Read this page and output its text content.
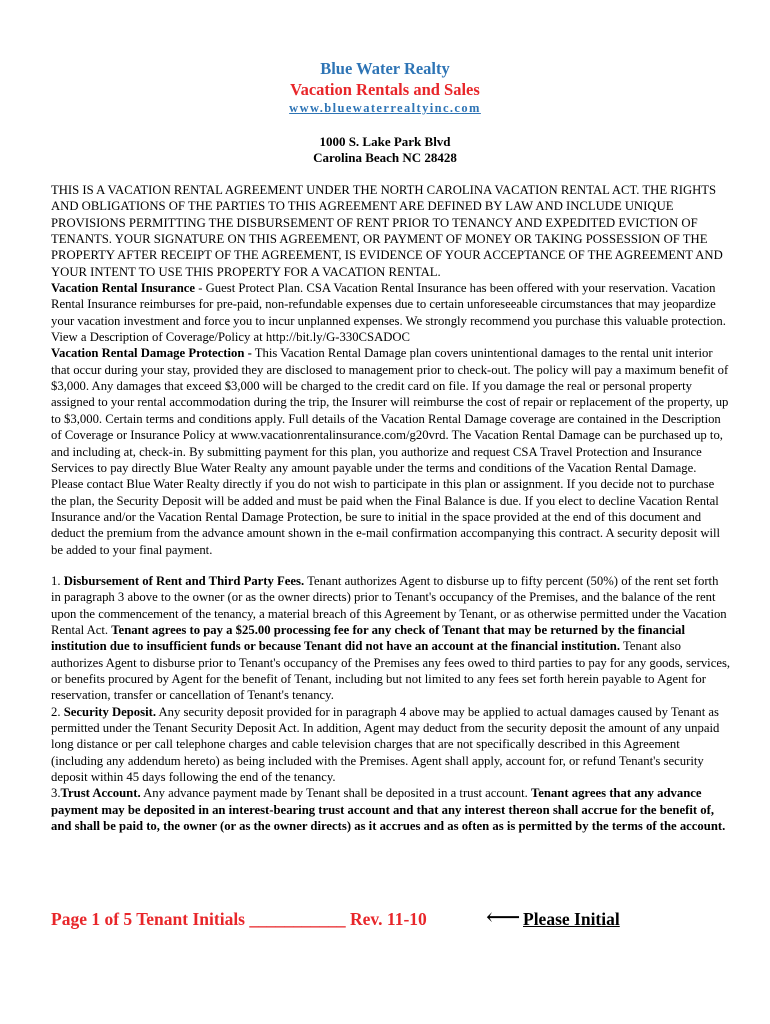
Blue Water Realty
Vacation Rentals and Sales
www.bluewaterrealtyinc.com
1000 S. Lake Park Blvd
Carolina Beach NC 28428

THIS IS A VACATION RENTAL AGREEMENT UNDER THE NORTH CAROLINA VACATION RENTAL ACT. THE RIGHTS AND OBLIGATIONS OF THE PARTIES TO THIS AGREEMENT ARE DEFINED BY LAW AND INCLUDE UNIQUE PROVISIONS PERMITTING THE DISBURSEMENT OF RENT PRIOR TO TENANCY AND EXPEDITED EVICTION OF TENANTS. YOUR SIGNATURE ON THIS AGREEMENT, OR PAYMENT OF MONEY OR TAKING POSSESSION OF THE PROPERTY AFTER RECEIPT OF THE AGREEMENT, IS EVIDENCE OF YOUR ACCEPTANCE OF THE AGREEMENT AND YOUR INTENT TO USE THIS PROPERTY FOR A VACATION RENTAL.

Vacation Rental Insurance - Guest Protect Plan. CSA Vacation Rental Insurance has been offered with your reservation. Vacation Rental Insurance reimburses for pre-paid, non-refundable expenses due to certain unforeseeable circumstances that may jeopardize your vacation investment and force you to incur unplanned expenses. We strongly recommend you purchase this valuable protection. View a Description of Coverage/Policy at http://bit.ly/G-330CSADOC

Vacation Rental Damage Protection - This Vacation Rental Damage plan covers unintentional damages to the rental unit interior that occur during your stay, provided they are disclosed to management prior to check-out. The policy will pay a maximum benefit of $3,000. Any damages that exceed $3,000 will be charged to the credit card on file. If you damage the real or personal property assigned to your rental accommodation during the trip, the Insurer will reimburse the cost of repair or replacement of the property, up to $3,000. Certain terms and conditions apply. Full details of the Vacation Rental Damage coverage are contained in the Description of Coverage or Insurance Policy at www.vacationrentalinsurance.com/g20vrd. The Vacation Rental Damage can be purchased up to, and including at, check-in. By submitting payment for this plan, you authorize and request CSA Travel Protection and Insurance Services to pay directly Blue Water Realty any amount payable under the terms and conditions of the Vacation Rental Damage. Please contact Blue Water Realty directly if you do not wish to participate in this plan or assignment. If you decide not to purchase the plan, the Security Deposit will be added and must be paid when the Final Balance is due. If you elect to decline Vacation Rental Insurance and/or the Vacation Rental Damage Protection, be sure to initial in the space provided at the end of this document and deduct the premium from the advance amount shown in the e-mail confirmation accompanying this contract. A security deposit will be added to your final payment.

1. Disbursement of Rent and Third Party Fees. Tenant authorizes Agent to disburse up to fifty percent (50%) of the rent set forth in paragraph 3 above to the owner (or as the owner directs) prior to Tenant's occupancy of the Premises, and the balance of the rent upon the commencement of the tenancy, a material breach of this Agreement by Tenant, or as otherwise permitted under the Vacation Rental Act. Tenant agrees to pay a $25.00 processing fee for any check of Tenant that may be returned by the financial institution due to insufficient funds or because Tenant did not have an account at the financial institution. Tenant also authorizes Agent to disburse prior to Tenant's occupancy of the Premises any fees owed to third parties to pay for any goods, services, or benefits procured by Agent for the benefit of Tenant, including but not limited to any fees set forth herein payable to Agent for reservation, transfer or cancellation of Tenant's tenancy.

2. Security Deposit. Any security deposit provided for in paragraph 4 above may be applied to actual damages caused by Tenant as permitted under the Tenant Security Deposit Act. In addition, Agent may deduct from the security deposit the amount of any unpaid long distance or per call telephone charges and cable television charges that are not specifically described in this Agreement (including any addendum hereto) as being included with the Premises. Agent shall apply, account for, or refund Tenant's security deposit within 45 days following the end of the tenancy.

3.Trust Account. Any advance payment made by Tenant shall be deposited in a trust account. Tenant agrees that any advance payment may be deposited in an interest-bearing trust account and that any interest thereon shall accrue for the benefit of, and shall be paid to, the owner (or as the owner directs) as it accrues and as often as is permitted by the terms of the account.

Page 1 of 5 Tenant Initials ___________ Rev. 11-10 ⟵ Please Initial
